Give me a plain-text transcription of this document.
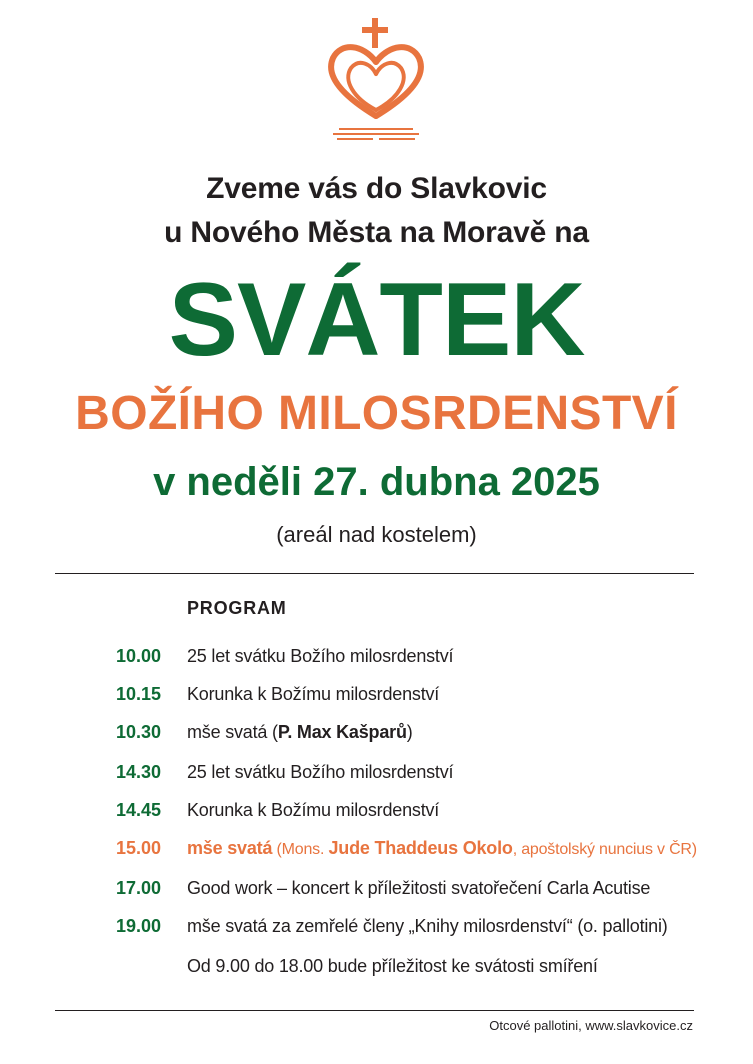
Zveme vás do Slavkovic
u Nového Města na Moravě na
SVÁTEK
BOŽÍHO MILOSRDENSTVÍ
v neděli 27. dubna 2025
(areál nad kostelem)
PROGRAM
10.00 25 let svátku Božího milosrdenství
10.15 Korunka k Božímu milosrdenství
10.30 mše svatá (P. Max Kašparů)
14.30 25 let svátku Božího milosrdenství
14.45 Korunka k Božímu milosrdenství
15.00 mše svatá (Mons. Jude Thaddeus Okolo, apoštolský nuncius v ČR)
17.00 Good work – koncert k příležitosti svatořečení Carla Acutise
19.00 mše svatá za zemřelé členy „Knihy milosrdenství“ (o. pallotini)
Od 9.00 do 18.00 bude příležitost ke svátosti smíření
Otcové pallotini, www.slavkovice.cz
